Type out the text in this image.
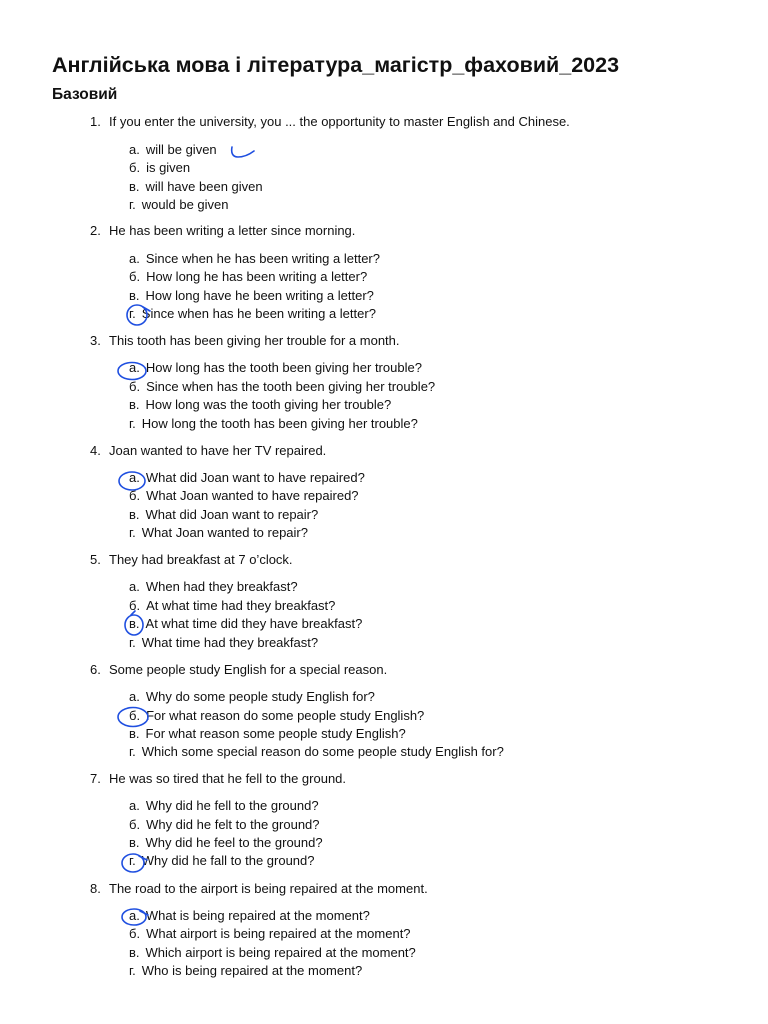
Англійська мова і література_магістр_фаховий_2023
Базовий
1. If you enter the university, you ... the opportunity to master English and Chinese.
а. will be given
б. is given
в. will have been given
г. would be given
2. He has been writing a letter since morning.
а. Since when he has been writing a letter?
б. How long he has been writing a letter?
в. How long have he been writing a letter?
г. Since when has he been writing a letter?
3. This tooth has been giving her trouble for a month.
а. How long has the tooth been giving her trouble?
б. Since when has the tooth been giving her trouble?
в. How long was the tooth giving her trouble?
г. How long the tooth has been giving her trouble?
4. Joan wanted to have her TV repaired.
а. What did Joan want to have repaired?
б. What Joan wanted to have repaired?
в. What did Joan want to repair?
г. What Joan wanted to repair?
5. They had breakfast at 7 o’clock.
а. When had they breakfast?
б. At what time had they breakfast?
в. At what time did they have breakfast?
г. What time had they breakfast?
6. Some people study English for a special reason.
а. Why do some people study English for?
б. For what reason do some people study English?
в. For what reason some people study English?
г. Which some special reason do some people study English for?
7. He was so tired that he fell to the ground.
а. Why did he fell to the ground?
б. Why did he felt to the ground?
в. Why did he feel to the ground?
г. Why did he fall to the ground?
8. The road to the airport is being repaired at the moment.
а. What is being repaired at the moment?
б. What airport is being repaired at the moment?
в. Which airport is being repaired at the moment?
г. Who is being repaired at the moment?
